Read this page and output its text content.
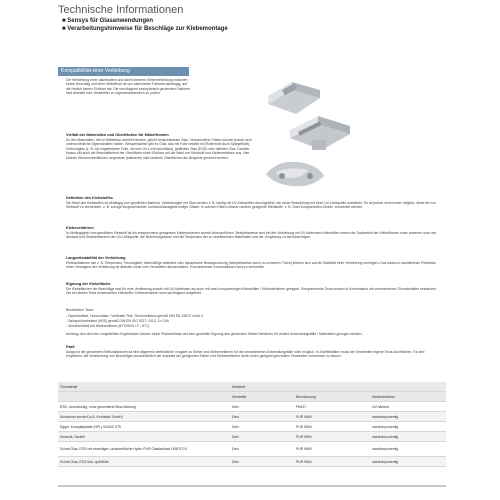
Technische Informationen
■ Sensys für Glasanwendungen
■ Verarbeitungshinweise für Beschläge zur Klebemontage
Kompatibilität einer Verklebung
Die Herstellung einer dauerhaften und damit sicheren Klebeverbindung zwischen einem Beschlag und einer Möbelfront ist von zahlreichen Faktoren abhängig, auf die Hettich keinen Einfluss hat. Die nachfolgend exemplarisch genannten Faktoren sind deshalb vom Verarbeiter zu eigenverantwortlich zu prüfen.
Vielfalt der Materialien und Oberflächen für Möbelfronten
Zu den Materialien, die im Möbelbau verklebt werden, gehört beispielsweise Glas. Verschiedene Gläser können jedoch sehr unterschiedliche Eigenschaften haben. Beispielsweise gibt es Glas, das mit Folie beklebt ist (Rollenfolie auch Spiegelfolie). Verbundglas (z. B. mit eingebetteter Folie, die kein UV-Licht durchlässt), gefärbtes Glas (ESG) oder siliertes Glas. Darüber hinaus übt auch die Beschaffenheit der Oberfläche einen Einfluss auf die Wahl von Klebstoff und Klebeverfahren aus. Hier können Strukturoberflächen, angeraute (satinierte) oder lackierte Oberflächen als Beispiele genannt werden.
Definition des Klebstoffes
Die Wahl des Klebstoffes ist abhängig vom gewählten Material. Verklebungen mit Glas werden z. B. häufig mit UV-Klebstoffen durchgeführt, die durch Bestrahlung mit einer UV-Lichtquelle aushärten. Es ist jedoch nicht immer möglich, diese Art von Klebstoff zu verwenden, z. B. zufolge eingeschränkter Lichtdurchlässigkeit einiger Gläser. In solchen Fällen müssen andere geeignete Klebstoffe, z. B. Zwei-Komponenten-Kleber, verwendet werden.
Klebeverfahren
In Abhängigkeit vom gewählten Klebstoff ist ein entsprechend geeignetes Klebeverfahren korrekt durchzuführen. Beispielsweise sind bei der Verklebung mit UV-härtenden Klebstoffen neben der Sauberkeit der Klebeflächen unter anderem auch der Abstand und Strahlenbereich der UV-Lichtquelle, die Belichtungsdauer und die Temperatur der zu verklebenden Materialien und der Umgebung zu berücksichtigen.
Langzeitstabilität der Verklebung
Einflussfaktoren wie z. B. Temperatur, Feuchtigkeit, übermäßige statische oder dynamische Beanspruchung (beispielsweise durch zu schweren Türen) können sich auf die Stabilität einer Verklebung verringern. Das dadurch resultierende Restrisiko eines Versagens der Verklebung ist deshalb vorab vom Verarbeiter abzuschätzen. Einzusetzende Konstruktionen sind zu vermeiden.
Eignung der Klebefläche
Die Klebeflächen der Beschläge sind für eine Verklebung sowohl mit UV-härtenden als auch mit zwei-komponentigen Klebstoffen / Klebeverfahren geeignet. Entsprechende Tests wurden in Kombination mit verschiedenen Türmaterialien bestanden. Die bei diesen Tests verwendeten Klebstoffe / Klebeverfahren sind nachfolgend aufgeführt.
Bestandene Tests:
- Dauerlauftest, Horizontaler / Vertikaler Test, Sicherheitstest gemäß DIN EN 15570 Level 3
- Salzsprühnebeltest (NSS) gemäß DIN EN ISO 9227: 2012, 3 x 24h
- Verschleißtest bei Wechselklima (40°C/80% r.F. / 5°C)
Achtung: Aus den hier vorgestellten Ergebnissen können keine Rückschlüsse auf eine generelle Eignung des genannten Kleber/Verfahren für andere Anwendungsfälle / Materialien gezogen werden.
Fazit
Aufgrund der genannten Einflussfaktoren ist eine allgemein verbindliche Vorgabe zu Kleber und Klebeverfahren für die verschiedenen Anwendungsfälle nicht möglich. In Zweifelsfällen muss der Verarbeiter eigene Tests durchführen. Es wird empfohlen, die Verarbeitung von Beschlägen ausschließlich der Auswahl der geeigneten Kleber und Klebeverfahren durch einen geeignet geschulten Verarbeiter vornehmen zu lassen.
Türmaterial	Klebstoff		
	Hersteller	Bezeichnung	Klebeverfahren
ESG, durchsichtig, ohne gesonderte Beschichtung	Delo	PB437	UV-härtend
Aluminium eloxiert (z.B. Kerbstahl GmbH)	Delo	PUR 9694	zweikomponentig
Egger, Kompaktplatte (HPL) W1000 ST9	Delo	PUR 9694	zweikomponentig
Keramik, Neolith	Delo	PUR 9694	zweikomponentig
Schott Glas, ESG mit einseitiger Lackoberfläche Hydro PUR Glasfarblack HDB 5710	Delo	PUR 9694	zweikomponentig
Schott Glas, ESG klar, optiWhite	Delo	PUR 9694	zweikomponentig
